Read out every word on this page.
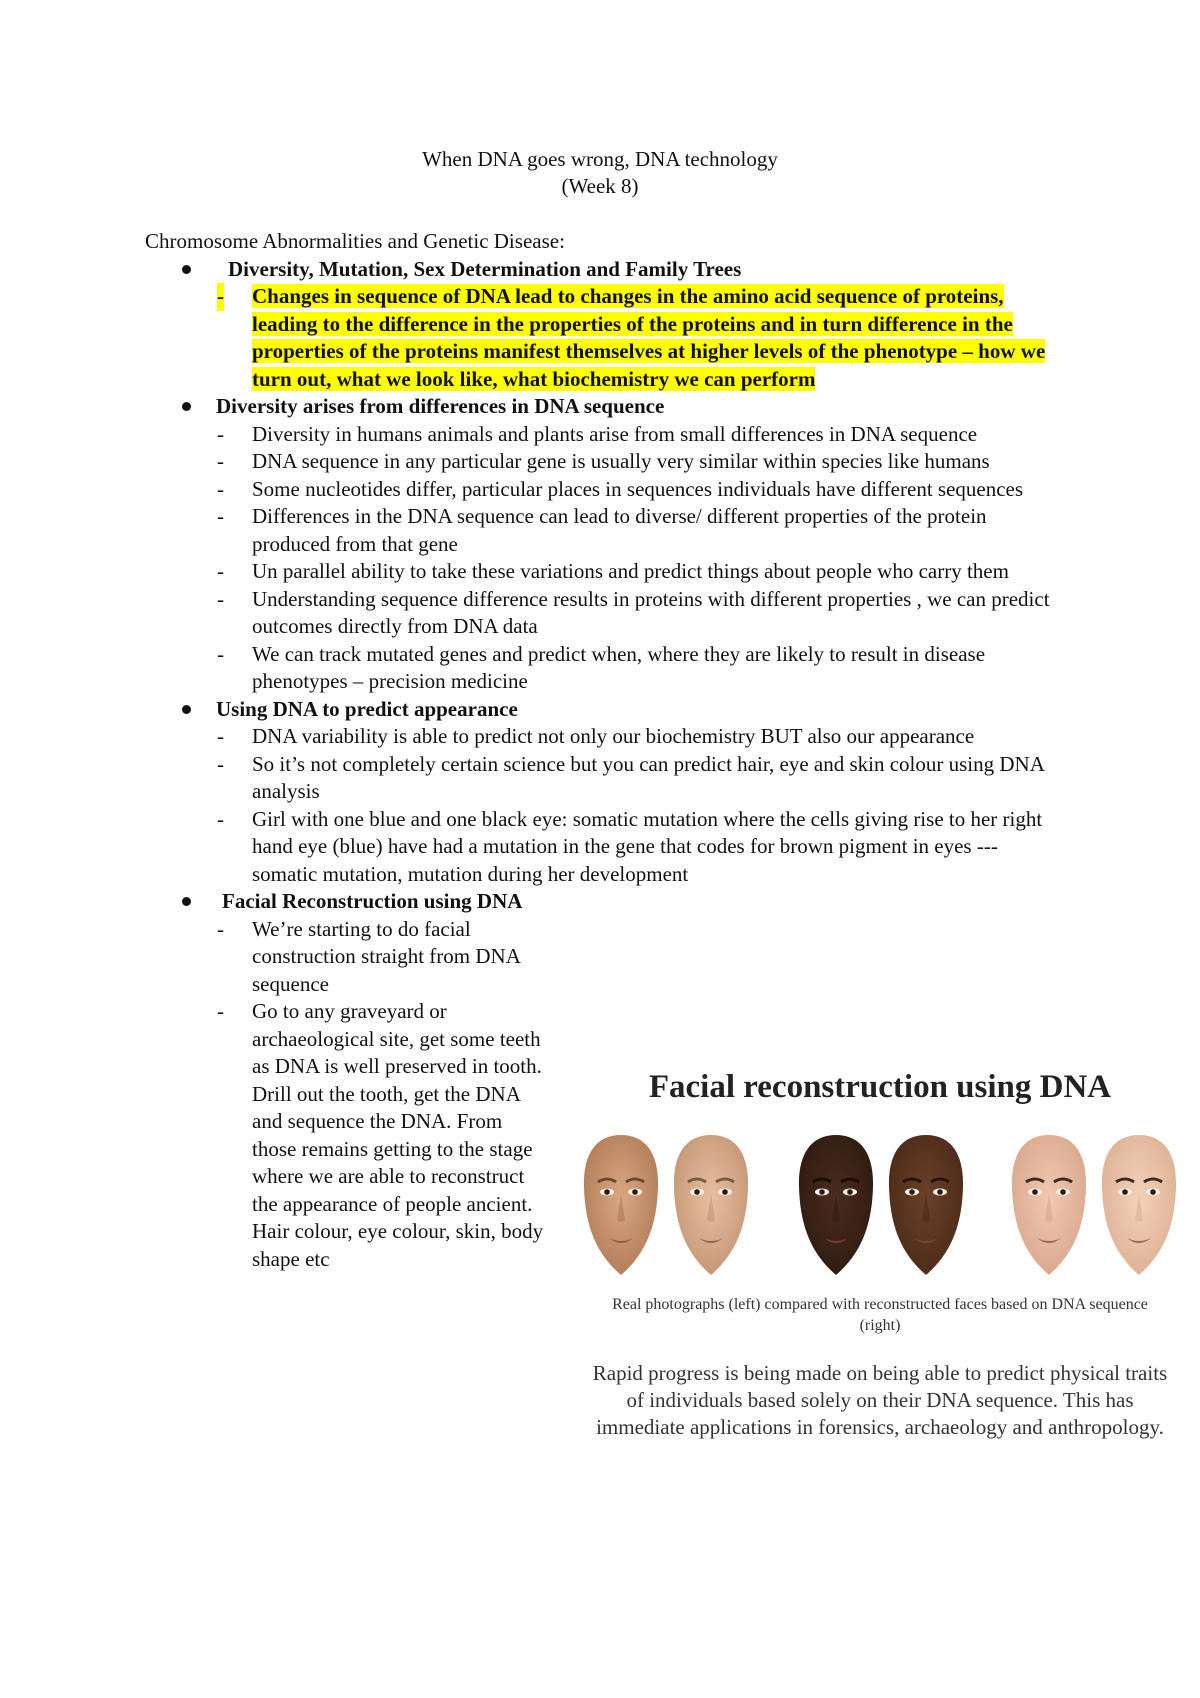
When DNA goes wrong, DNA technology
(Week 8)
Chromosome Abnormalities and Genetic Disease:
Diversity, Mutation, Sex Determination and Family Trees
- Changes in sequence of DNA lead to changes in the amino acid sequence of proteins, leading to the difference in the properties of the proteins and in turn difference in the properties of the proteins manifest themselves at higher levels of the phenotype – how we turn out, what we look like, what biochemistry we can perform
Diversity arises from differences in DNA sequence
- Diversity in humans animals and plants arise from small differences in DNA sequence
- DNA sequence in any particular gene is usually very similar within species like humans
- Some nucleotides differ, particular places in sequences individuals have different sequences
- Differences in the DNA sequence can lead to diverse/ different properties of the protein produced from that gene
- Un parallel ability to take these variations and predict things about people who carry them
- Understanding sequence difference results in proteins with different properties , we can predict outcomes directly from DNA data
- We can track mutated genes and predict when, where they are likely to result in disease phenotypes – precision medicine
Using DNA to predict appearance
- DNA variability is able to predict not only our biochemistry BUT also our appearance
- So it’s not completely certain science but you can predict hair, eye and skin colour using DNA analysis
- Girl with one blue and one black eye: somatic mutation where the cells giving rise to her right hand eye (blue) have had a mutation in the gene that codes for brown pigment in eyes --- somatic mutation, mutation during her development
Facial Reconstruction using DNA
- We’re starting to do facial construction straight from DNA sequence
- Go to any graveyard or archaeological site, get some teeth as DNA is well preserved in tooth. Drill out the tooth, get the DNA and sequence the DNA. From those remains getting to the stage where we are able to reconstruct the appearance of people ancient. Hair colour, eye colour, skin, body shape etc
Facial reconstruction using DNA
Real photographs (left) compared with reconstructed faces based on DNA sequence (right)
Rapid progress is being made on being able to predict physical traits of individuals based solely on their DNA sequence. This has immediate applications in forensics, archaeology and anthropology.
